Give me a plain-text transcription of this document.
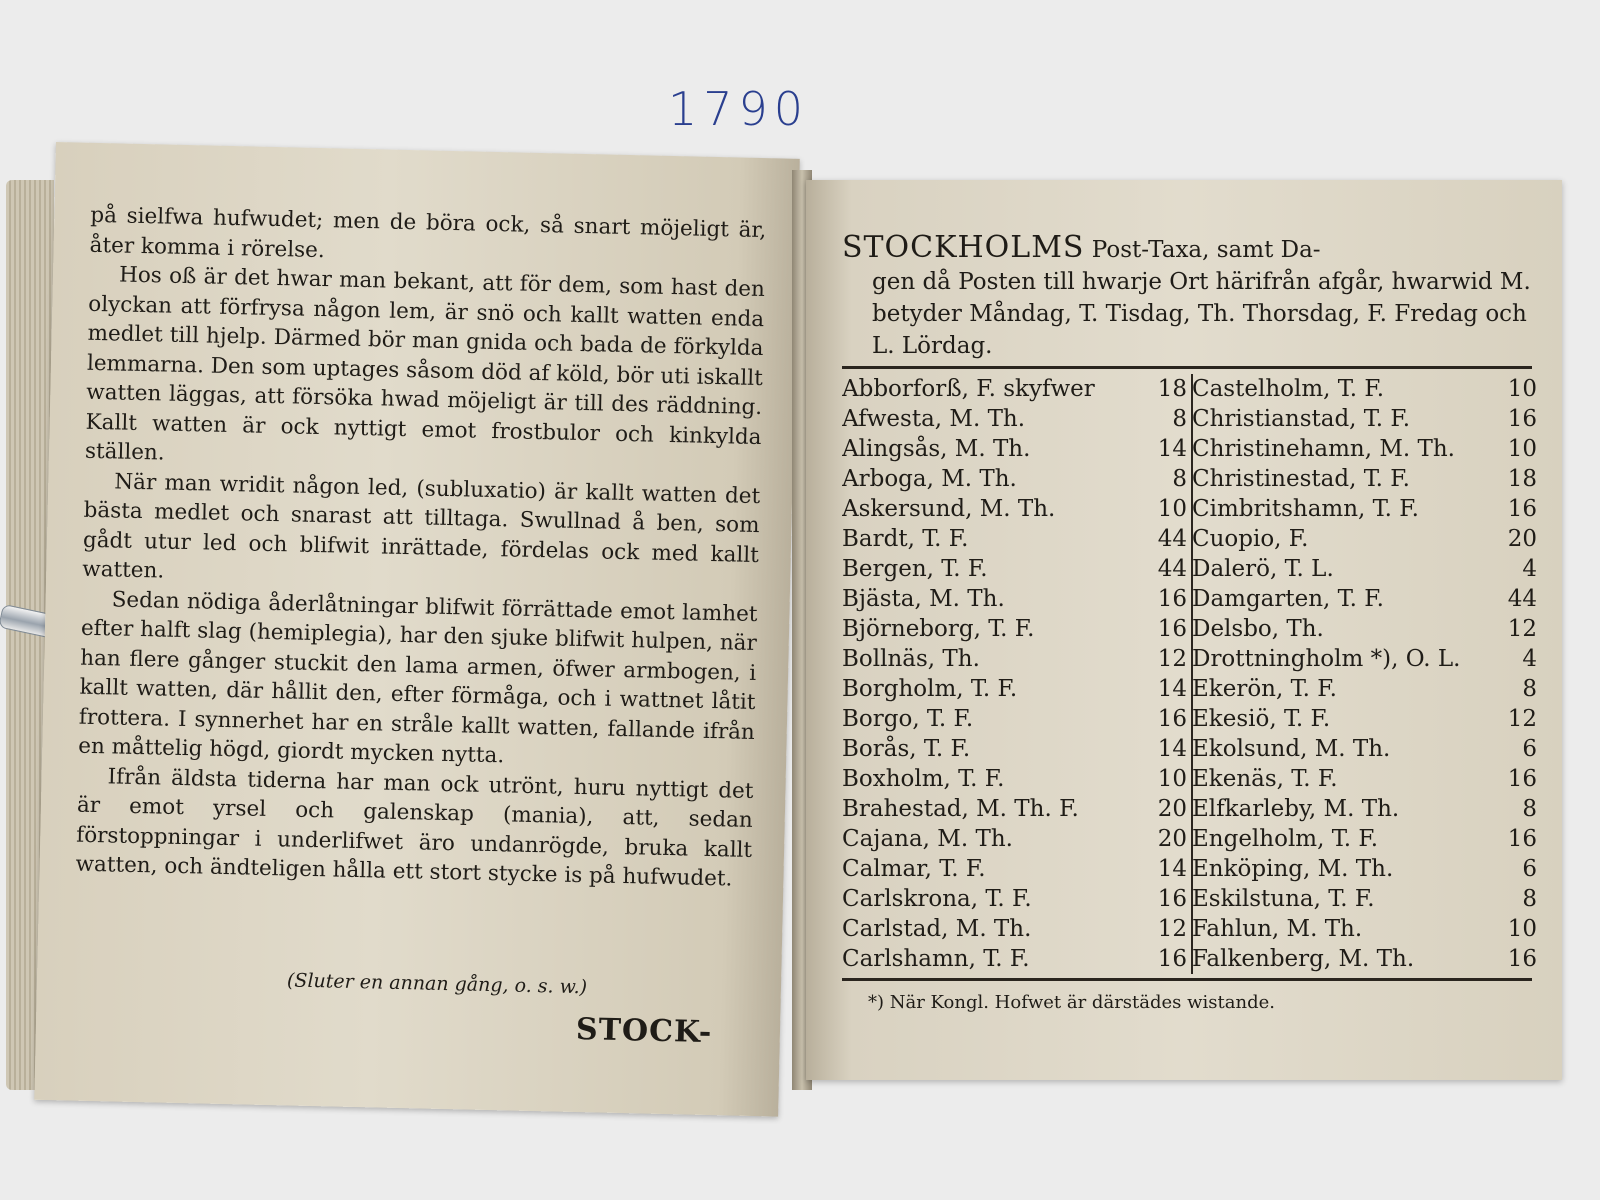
1790

på sielfwa hufwudet; men de böra ock, så snart möjeligt är, åter komma i rörelse.

Hos oß är det hwar man bekant, att för dem, som hast den olyckan att förfrysa någon lem, är snö och kallt watten enda medlet till hjelp. Därmed bör man gnida och bada de förkylda lemmarna. Den som uptages såsom död af köld, bör uti iskallt watten läggas, att försöka hwad möjeligt är till des räddning. Kallt watten är ock nyttigt emot frostbulor och kinkylda ställen.

När man wridit någon led, (subluxatio) är kallt watten det bästa medlet och snarast att tilltaga. Swullnad å ben, som gådt utur led och blifwit inrättade, fördelas ock med kallt watten.

Sedan nödiga åderlåtningar blifwit förrättade emot lamhet efter halft slag (hemiplegia), har den sjuke blifwit hulpen, när han flere gånger stuckit den lama armen, öfwer armbogen, i kallt watten, där hållit den, efter förmåga, och i wattnet låtit frottera. I synnerhet har en stråle kallt watten, fallande ifrån en måttelig högd, giordt mycken nytta.

Ifrån äldsta tiderna har man ock utrönt, huru nyttigt det är emot yrsel och galenskap (mania), att, sedan förstoppningar i underlifwet äro undanrögde, bruka kallt watten, och ändteligen hålla ett stort stycke is på hufwudet.

(Sluter en annan gång, o. s. w.)
STOCK-
STOCKHOLMS Post-Taxa, samt Da-
gen då Posten till hwarje Ort härifrån afgår, hwarwid M. betyder Måndag, T. Tisdag, Th. Thorsdag, F. Fredag och L. Lördag.
Abborforß, F. skyfwer	18
Afwesta, M. Th.	8
Alingsås, M. Th.	14
Arboga, M. Th.	8
Askersund, M. Th.	10
Bardt, T. F.	44
Bergen, T. F.	44
Bjästa, M. Th.	16
Björneborg, T. F.	16
Bollnäs, Th.	12
Borgholm, T. F.	14
Borgo, T. F.	16
Borås, T. F.	14
Boxholm, T. F.	10
Brahestad, M. Th. F.	20
Cajana, M. Th.	20
Calmar, T. F.	14
Carlskrona, T. F.	16
Carlstad, M. Th.	12
Carlshamn, T. F.	16
Castelholm, T. F.	10
Christianstad, T. F.	16
Christinehamn, M. Th. 10
Christinestad, T. F.	18
Cimbritshamn, T. F.	16
Cuopio, F.	20
Dalerö, T. L.	4
Damgarten, T. F.	44
Delsbo, Th.	12
Drottningholm *), O. L.	4
Ekerön, T. F.	8
Ekesiö, T. F.	12
Ekolsund, M. Th.	6
Ekenäs, T. F.	16
Elfkarleby, M. Th.	8
Engelholm, T. F.	16
Enköping, M. Th.	6
Eskilstuna, T. F.	8
Fahlun, M. Th.	10
Falkenberg, M. Th.	16
*) När Kongl. Hofwet är därstädes wistande.
